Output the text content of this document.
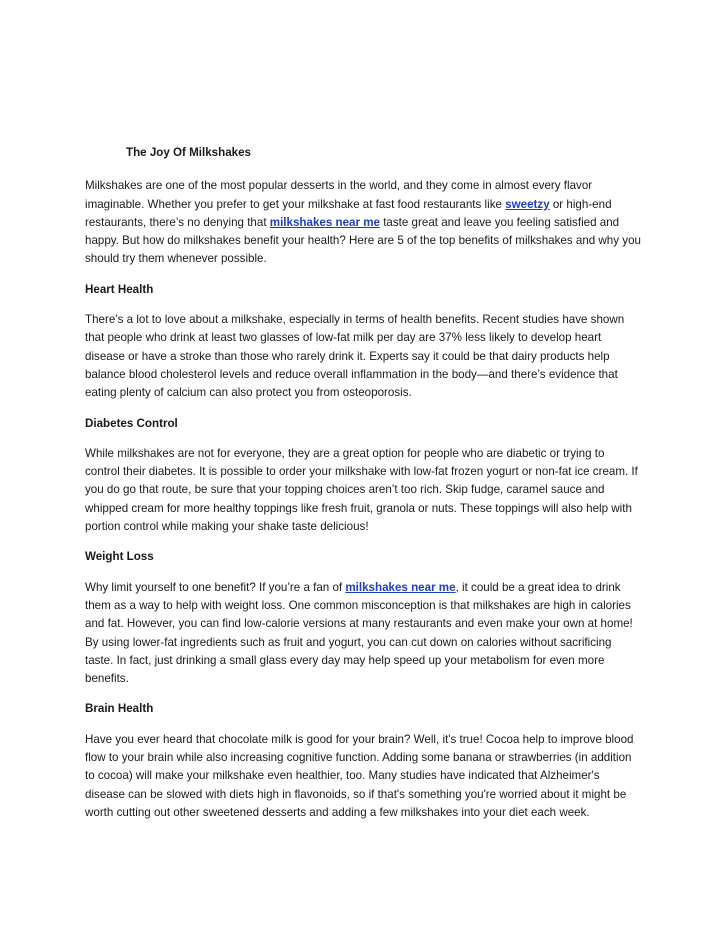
The Joy Of Milkshakes

Milkshakes are one of the most popular desserts in the world, and they come in almost every flavor imaginable. Whether you prefer to get your milkshake at fast food restaurants like sweetzy or high-end restaurants, there’s no denying that milkshakes near me taste great and leave you feeling satisfied and happy. But how do milkshakes benefit your health? Here are 5 of the top benefits of milkshakes and why you should try them whenever possible.

Heart Health

There’s a lot to love about a milkshake, especially in terms of health benefits. Recent studies have shown that people who drink at least two glasses of low-fat milk per day are 37% less likely to develop heart disease or have a stroke than those who rarely drink it. Experts say it could be that dairy products help balance blood cholesterol levels and reduce overall inflammation in the body—and there’s evidence that eating plenty of calcium can also protect you from osteoporosis.

Diabetes Control

While milkshakes are not for everyone, they are a great option for people who are diabetic or trying to control their diabetes. It is possible to order your milkshake with low-fat frozen yogurt or non-fat ice cream. If you do go that route, be sure that your topping choices aren’t too rich. Skip fudge, caramel sauce and whipped cream for more healthy toppings like fresh fruit, granola or nuts. These toppings will also help with portion control while making your shake taste delicious!

Weight Loss

Why limit yourself to one benefit? If you’re a fan of milkshakes near me, it could be a great idea to drink them as a way to help with weight loss. One common misconception is that milkshakes are high in calories and fat. However, you can find low-calorie versions at many restaurants and even make your own at home! By using lower-fat ingredients such as fruit and yogurt, you can cut down on calories without sacrificing taste. In fact, just drinking a small glass every day may help speed up your metabolism for even more benefits.

Brain Health

Have you ever heard that chocolate milk is good for your brain? Well, it's true! Cocoa help to improve blood flow to your brain while also increasing cognitive function. Adding some banana or strawberries (in addition to cocoa) will make your milkshake even healthier, too. Many studies have indicated that Alzheimer's disease can be slowed with diets high in flavonoids, so if that's something you're worried about it might be worth cutting out other sweetened desserts and adding a few milkshakes into your diet each week.
